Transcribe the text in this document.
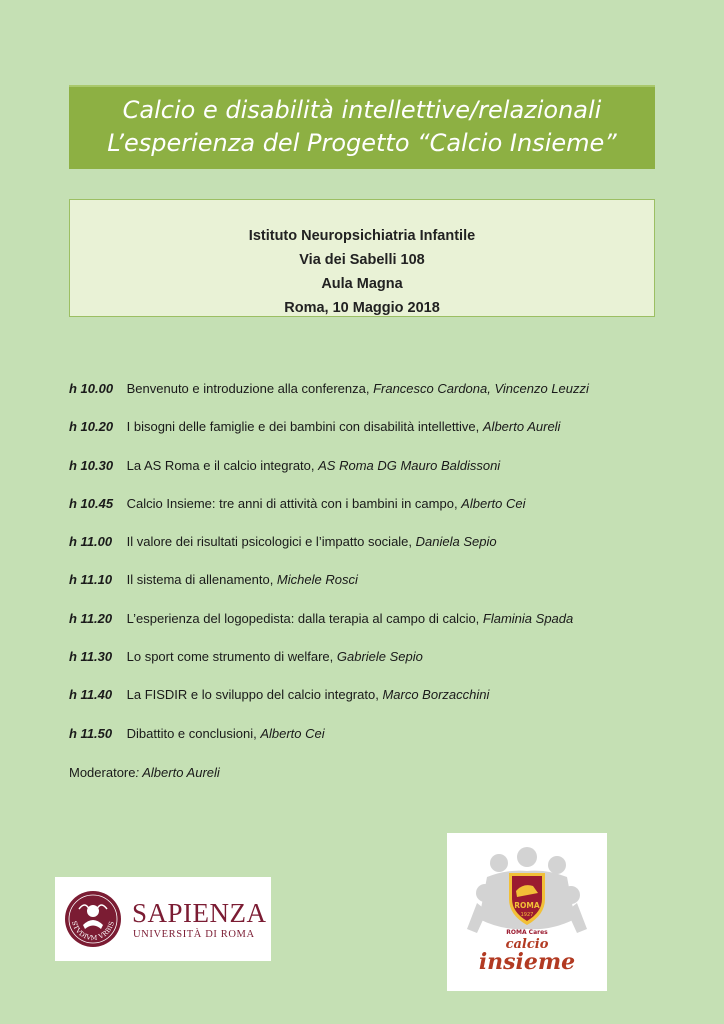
Calcio e disabilità intellettive/relazionali
L’esperienza del Progetto “Calcio Insieme”
Istituto Neuropsichiatria Infantile
Via dei Sabelli 108
Aula Magna
Roma, 10 Maggio 2018
h 10.00 Benvenuto e introduzione alla conferenza, Francesco Cardona, Vincenzo Leuzzi
h 10.20 I bisogni delle famiglie e dei bambini con disabilità intellettive, Alberto Aureli
h 10.30 La AS Roma e il calcio integrato, AS Roma DG Mauro Baldissoni
h 10.45 Calcio Insieme: tre anni di attività con i bambini in campo, Alberto Cei
h 11.00 Il valore dei risultati psicologici e l’impatto sociale, Daniela Sepio
h 11.10 Il sistema di allenamento, Michele Rosci
h 11.20 L’esperienza del logopedista: dalla terapia al campo di calcio, Flaminia Spada
h 11.30 Lo sport come strumento di welfare, Gabriele Sepio
h 11.40 La FISDIR e lo sviluppo del calcio integrato, Marco Borzacchini
h 11.50 Dibattito e conclusioni, Alberto Cei
Moderatore: Alberto Aureli
STVDIVM VRBIS SAPIENZA
UNIVERSITÀ DI ROMA
ROMA
1927
ROMA Cares
calcio
insieme
